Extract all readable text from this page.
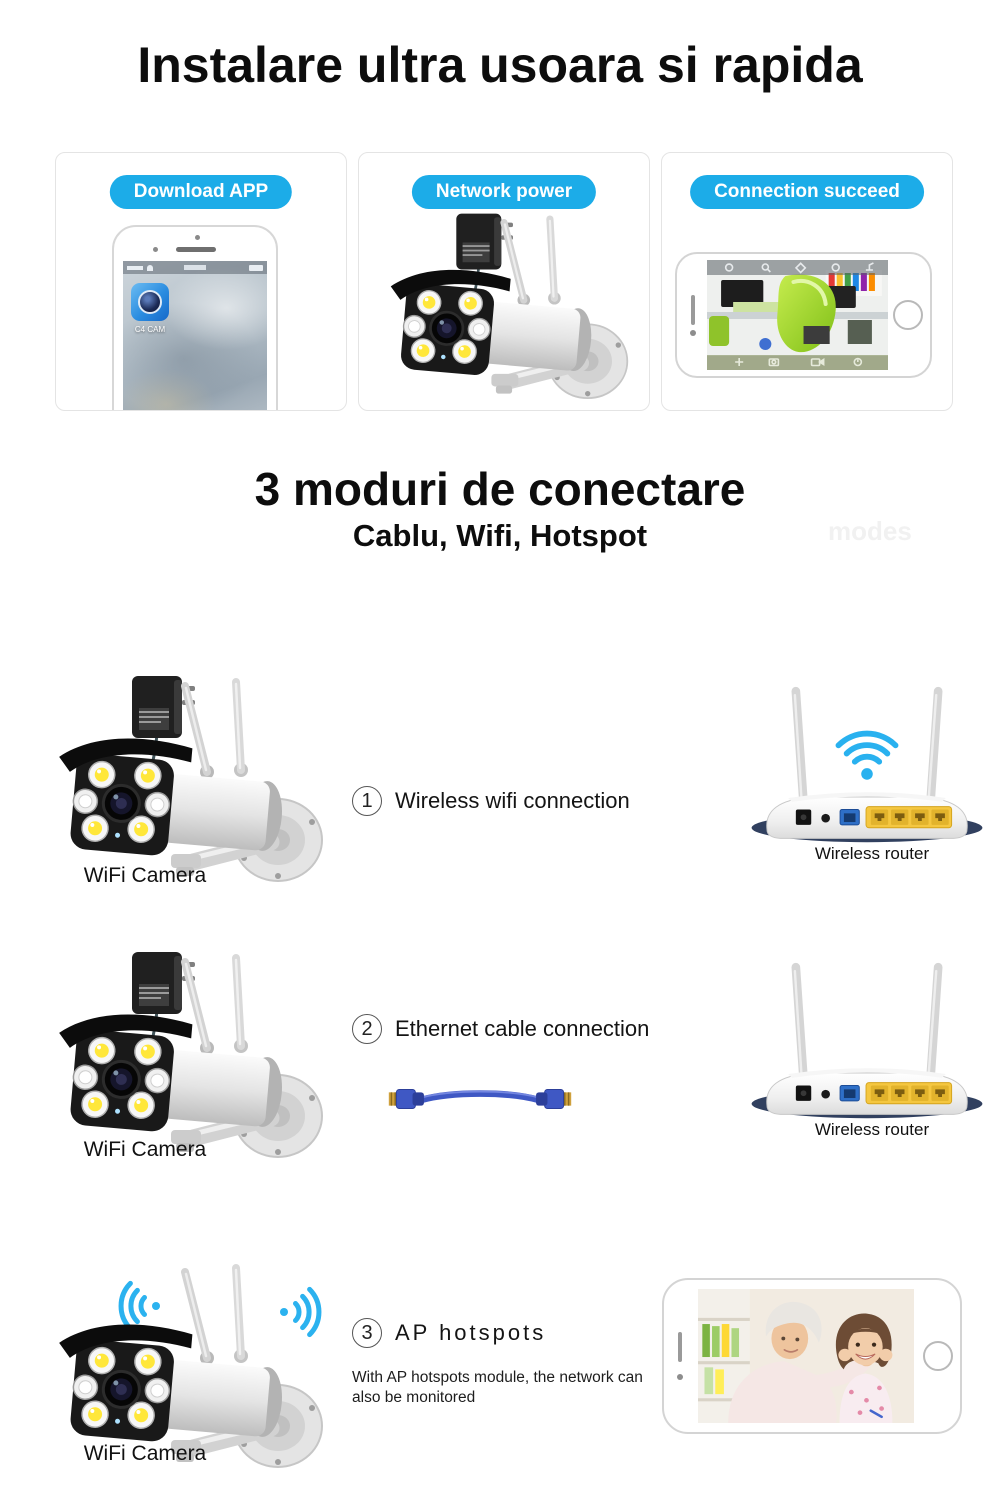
Instalare ultra usoara si rapida
modes
Download APP
C4 CAM
Network power	Connection succeed
3 moduri de conectare
Cablu, Wifi, Hotspot
WiFi Camera
1	Wireless wifi connection
Wireless router
WiFi Camera
2	Ethernet cable connection
Wireless router
WiFi Camera
3	AP hotspots
With AP hotspots module, the network can also be monitored
